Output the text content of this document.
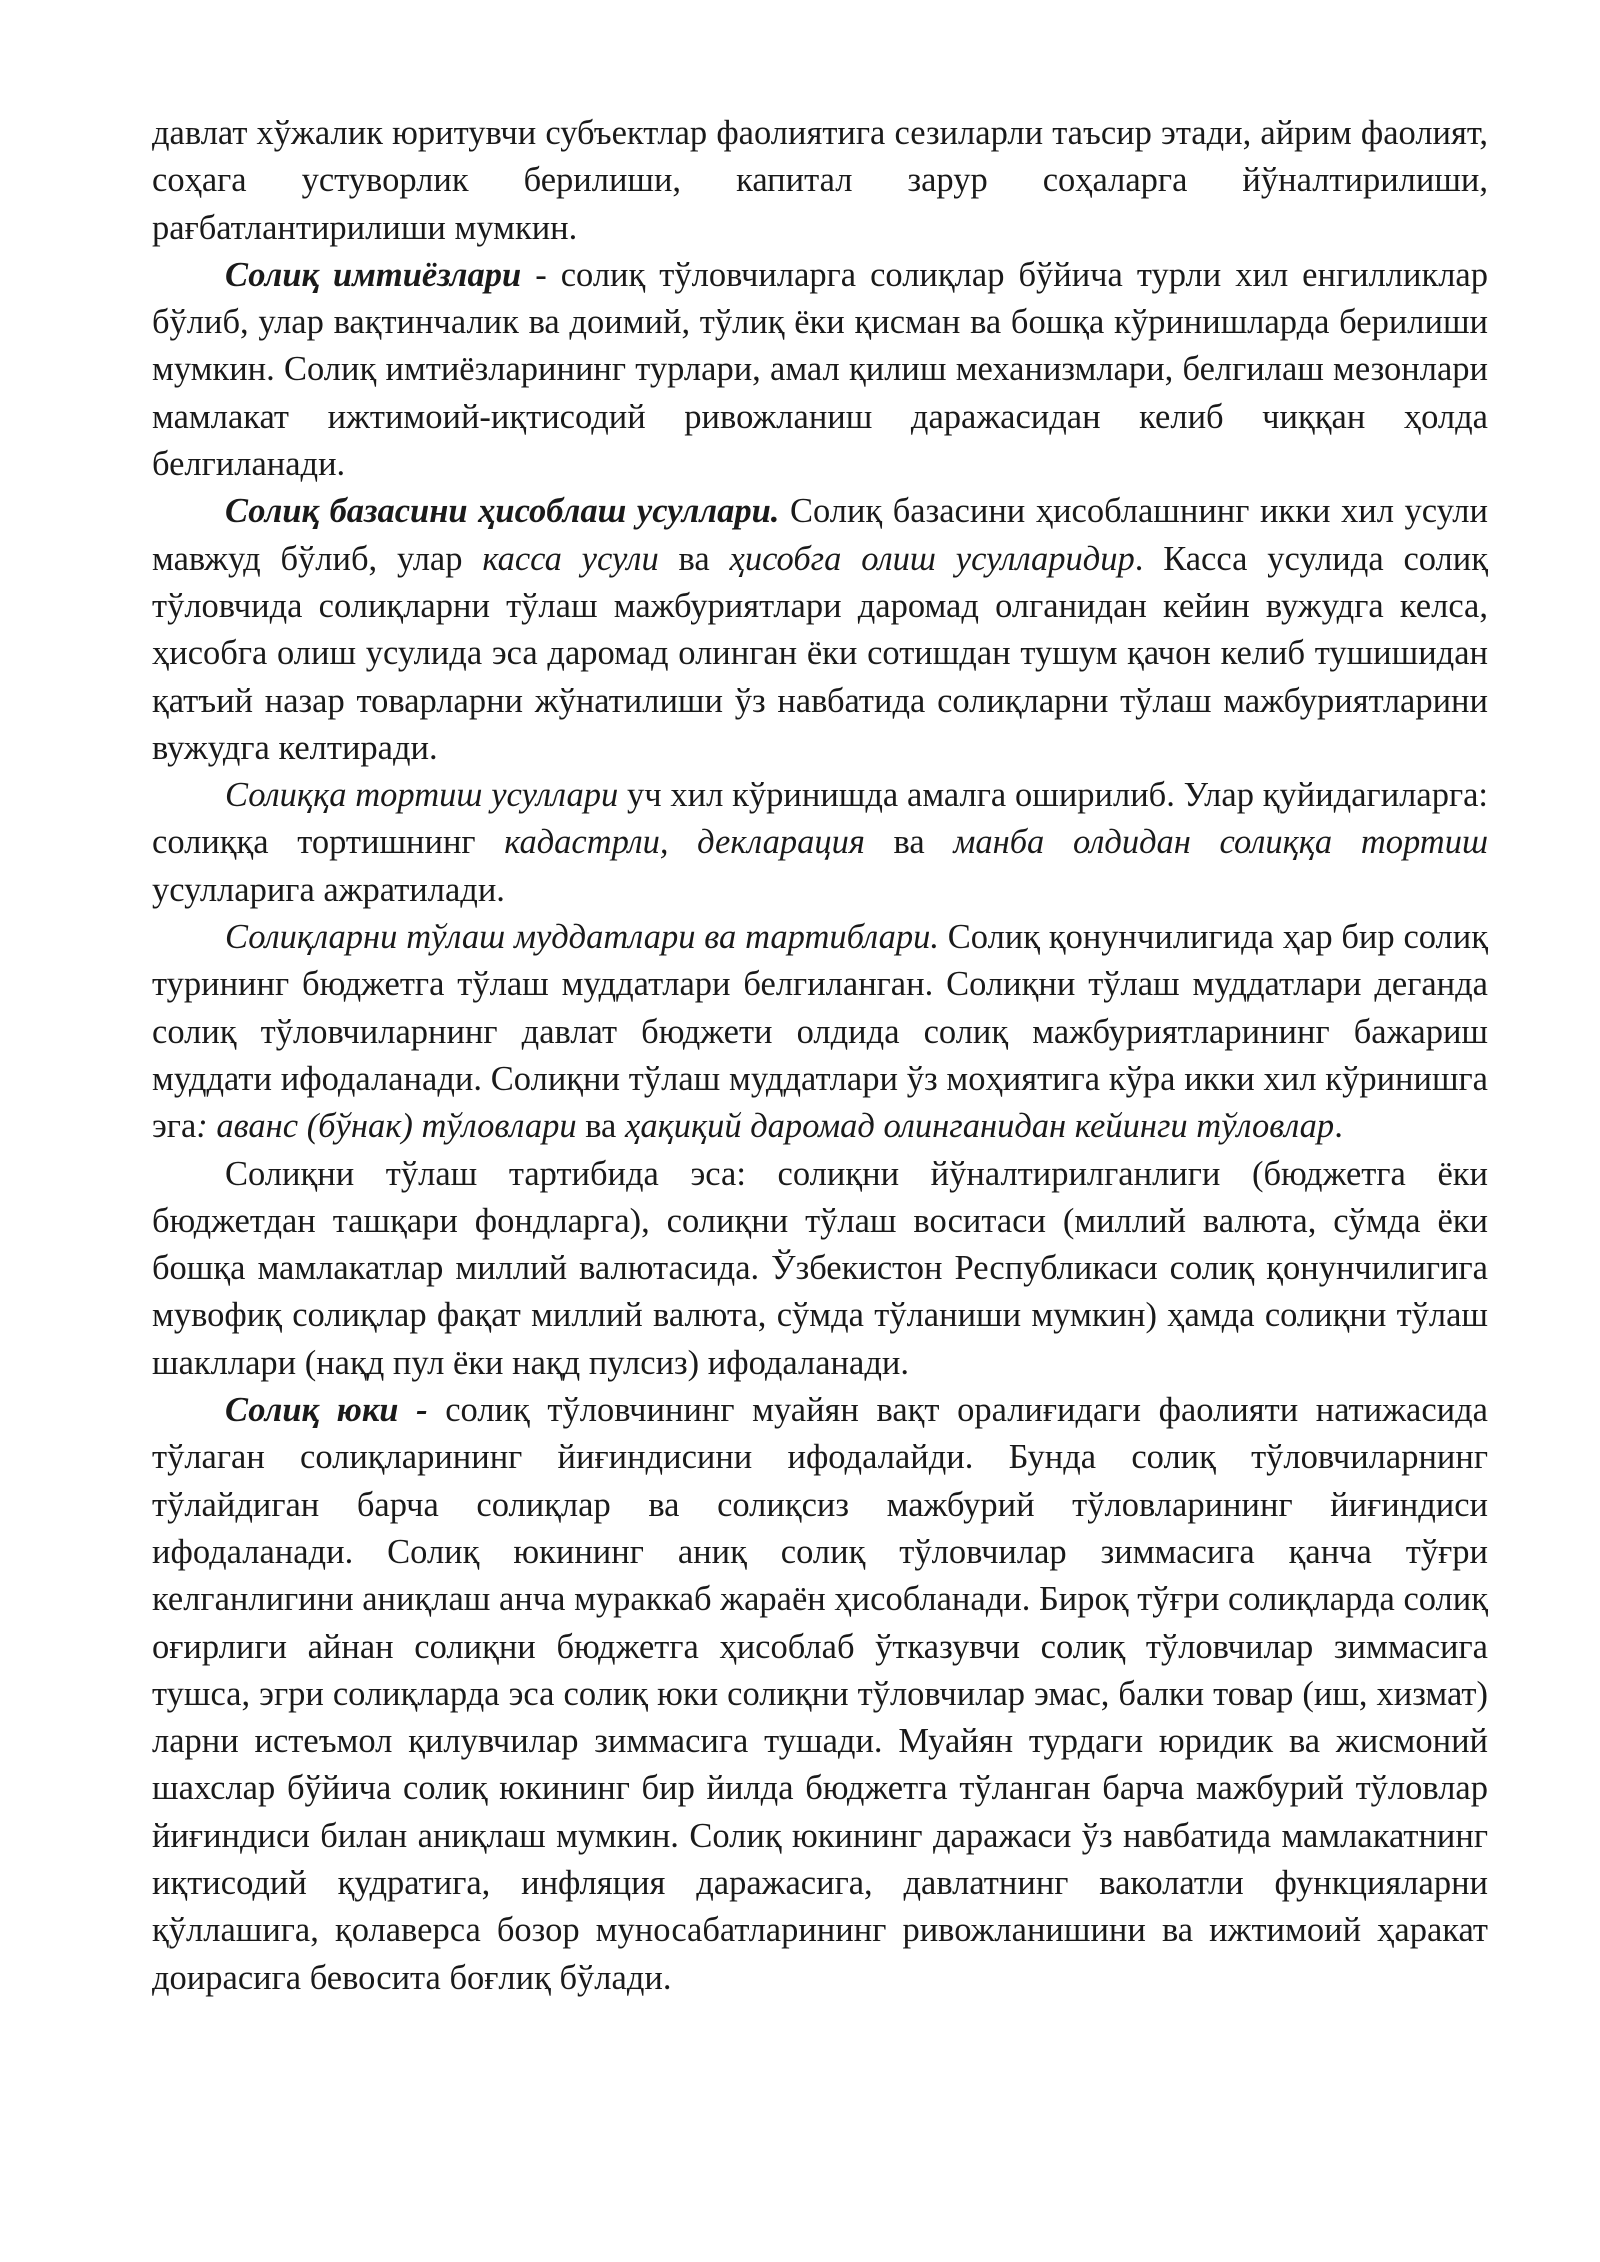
давлат хўжалик юритувчи субъектлар фаолиятига сезиларли таъсир этади, айрим фаолият, соҳага устуворлик берилиши, капитал зарур соҳаларга йўналтирилиши, рағбатлантирилиши мумкин.

Солиқ имтиёзлари - солиқ тўловчиларга солиқлар бўйича турли хил енгилликлар бўлиб, улар вақтинчалик ва доимий, тўлиқ ёки қисман ва бошқа кўринишларда берилиши мумкин. Солиқ имтиёзларининг турлари, амал қилиш механизмлари, белгилаш мезонлари мамлакат ижтимоий-иқтисодий ривожланиш даражасидан келиб чиққан ҳолда белгиланади.

Солиқ базасини ҳисоблаш усуллари. Солиқ базасини ҳисоблашнинг икки хил усули мавжуд бўлиб, улар касса усули ва ҳисобга олиш усулларидир. Касса усулида солиқ тўловчида солиқларни тўлаш мажбуриятлари даромад олганидан кейин вужудга келса, ҳисобга олиш усулида эса даромад олинган ёки сотишдан тушум қачон келиб тушишидан қатъий назар товарларни жўнатилиши ўз навбатида солиқларни тўлаш мажбуриятларини вужудга келтиради.

Солиққа тортиш усуллари уч хил кўринишда амалга оширилиб. Улар қуйидагиларга: солиққа тортишнинг кадастрли, декларация ва манба олдидан солиққа тортиш усулларига ажратилади.

Солиқларни тўлаш муддатлари ва тартиблари. Солиқ қонунчилигида ҳар бир солиқ турининг бюджетга тўлаш муддатлари белгиланган. Солиқни тўлаш муддатлари деганда солиқ тўловчиларнинг давлат бюджети олдида солиқ мажбуриятларининг бажариш муддати ифодаланади. Солиқни тўлаш муддатлари ўз моҳиятига кўра икки хил кўринишга эга: аванс (бўнак) тўловлари ва ҳақиқий даромад олинганидан кейинги тўловлар.

Солиқни тўлаш тартибида эса: солиқни йўналтирилганлиги (бюджетга ёки бюджетдан ташқари фондларга), солиқни тўлаш воситаси (миллий валюта, сўмда ёки бошқа мамлакатлар миллий валютасида. Ўзбекистон Республикаси солиқ қонунчилигига мувофиқ солиқлар фақат миллий валюта, сўмда тўланиши мумкин) ҳамда солиқни тўлаш шакллари (нақд пул ёки нақд пулсиз) ифодаланади.

Солиқ юки - солиқ тўловчининг муайян вақт оралиғидаги фаолияти натижасида тўлаган солиқларининг йиғиндисини ифодалайди. Бунда солиқ тўловчиларнинг тўлайдиган барча солиқлар ва солиқсиз мажбурий тўловларининг йиғиндиси ифодаланади. Солиқ юкининг аниқ солиқ тўловчилар зиммасига қанча тўғри келганлигини аниқлаш анча мураккаб жараён ҳисобланади. Бироқ тўғри солиқларда солиқ оғирлиги айнан солиқни бюджетга ҳисоблаб ўтказувчи солиқ тўловчилар зиммасига тушса, эгри солиқларда эса солиқ юки солиқни тўловчилар эмас, балки товар (иш, хизмат) ларни истеъмол қилувчилар зиммасига тушади. Муайян турдаги юридик ва жисмоний шахслар бўйича солиқ юкининг бир йилда бюджетга тўланган барча мажбурий тўловлар йиғиндиси билан аниқлаш мумкин. Солиқ юкининг даражаси ўз навбатида мамлакатнинг иқтисодий қудратига, инфляция даражасига, давлатнинг ваколатли функцияларни қўллашига, қолаверса бозор муносабатларининг ривожланишини ва ижтимоий ҳаракат доирасига бевосита боғлиқ бўлади.
